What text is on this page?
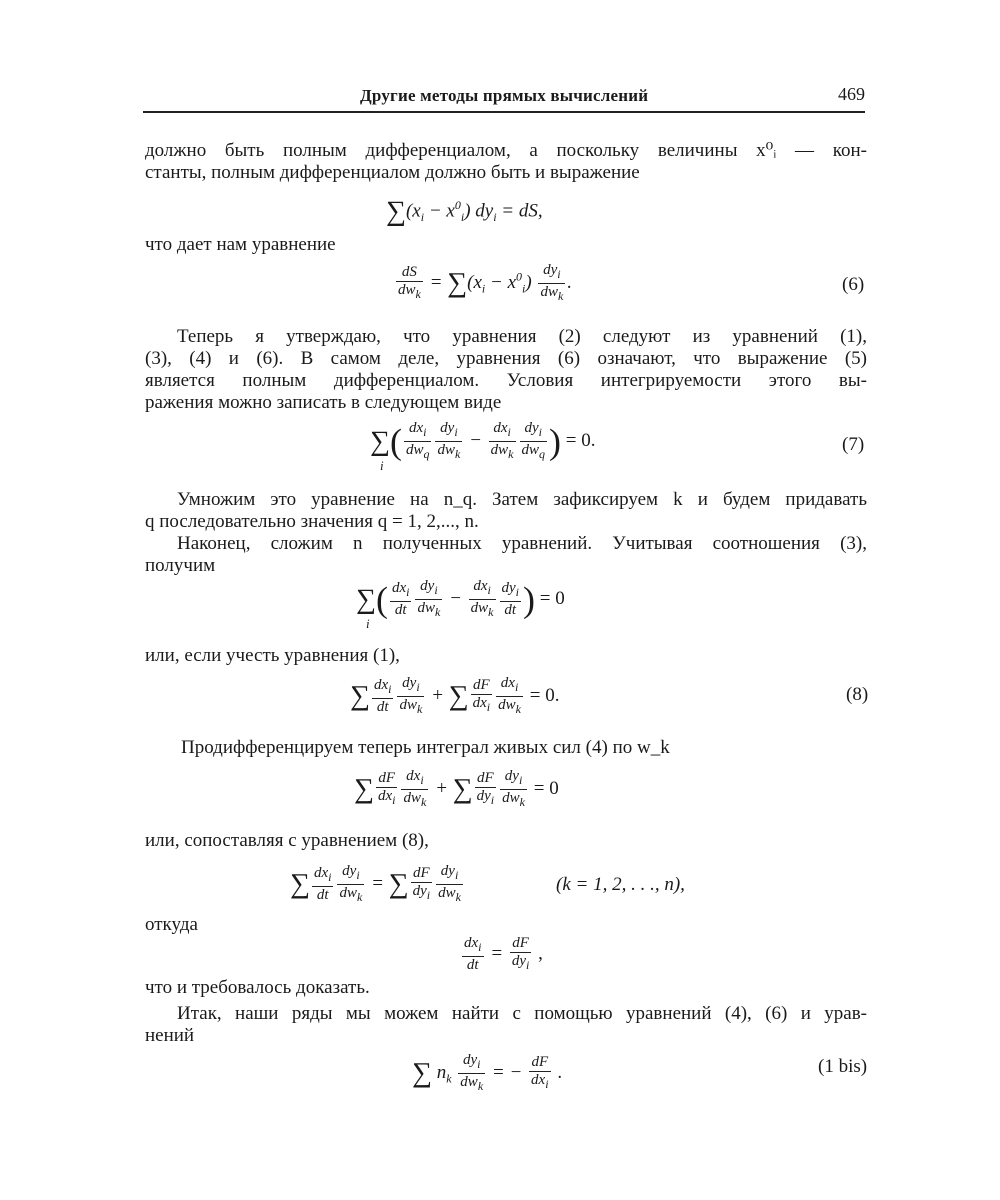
Другие методы прямых вычислений	469
должно быть полным дифференциалом, а поскольку величины x⁰ᵢ — кон-
станты, полным дифференциалом должно быть и выражение
$\sum(x_i - x^0_i) dy_i$ = dS,
что дает нам уравнение
$\frac{dS}{dw_k} = \sum(x_i - x^0_i) \frac{dy_i}{dw_k}$ .	(6)
Теперь я утверждаю, что уравнения (2) следуют из уравнений (1),
(3), (4) и (6). В самом деле, уравнения (6) означают, что выражение (5)
является полным дифференциалом. Условия интегрируемости этого вы-
ражения можно записать в следующем виде
∑
i
( $\frac{dx_i}{dw_q} \frac{dy_i}{dw_k} - \frac{dx_i}{dw_k} \frac{dy_i}{dw_q}$ ) = 0.	(7)
Умножим это уравнение на n_q. Затем зафиксируем k и будем придавать
q последовательно значения q = 1, 2,..., n.
Наконец, сложим n полученных уравнений. Учитывая соотношения (3),
получим
∑
i
( $\frac{dx_i}{dt} \frac{dy_i}{dw_k} - \frac{dx_i}{dw_k} \frac{dy_i}{dt}$ ) = 0
или, если учесть уравнения (1),
∑ $\frac{dx_i}{dt} \frac{dy_i}{dw_k}$ + ∑ $\frac{dF}{dx_i} \frac{dx_i}{dw_k} = 0$.	(8)
Продифференцируем теперь интеграл живых сил (4) по w_k
∑ $\frac{dF}{dx_i} \frac{dx_i}{dw_k}$ + ∑ $\frac{dF}{dy_i} \frac{dy_i}{dw_k} = 0$
или, сопоставляя с уравнением (8),
∑ $\frac{dx_i}{dt} \frac{dy_i}{dw_k}$ = ∑ $\frac{dF}{dy_i} \frac{dy_i}{dw_k}$	(k = 1, 2, . . ., n),
откуда
$\frac{dx_i}{dt} = \frac{dF}{dy_i}$ ,
что и требовалось доказать.
Итак, наши ряды мы можем найти с помощью уравнений (4), (6) и урав-
нений
∑ $n_k \frac{dy_i}{dw_k}$ = − $\frac{dF}{dx_i}$ .	(1 bis)
